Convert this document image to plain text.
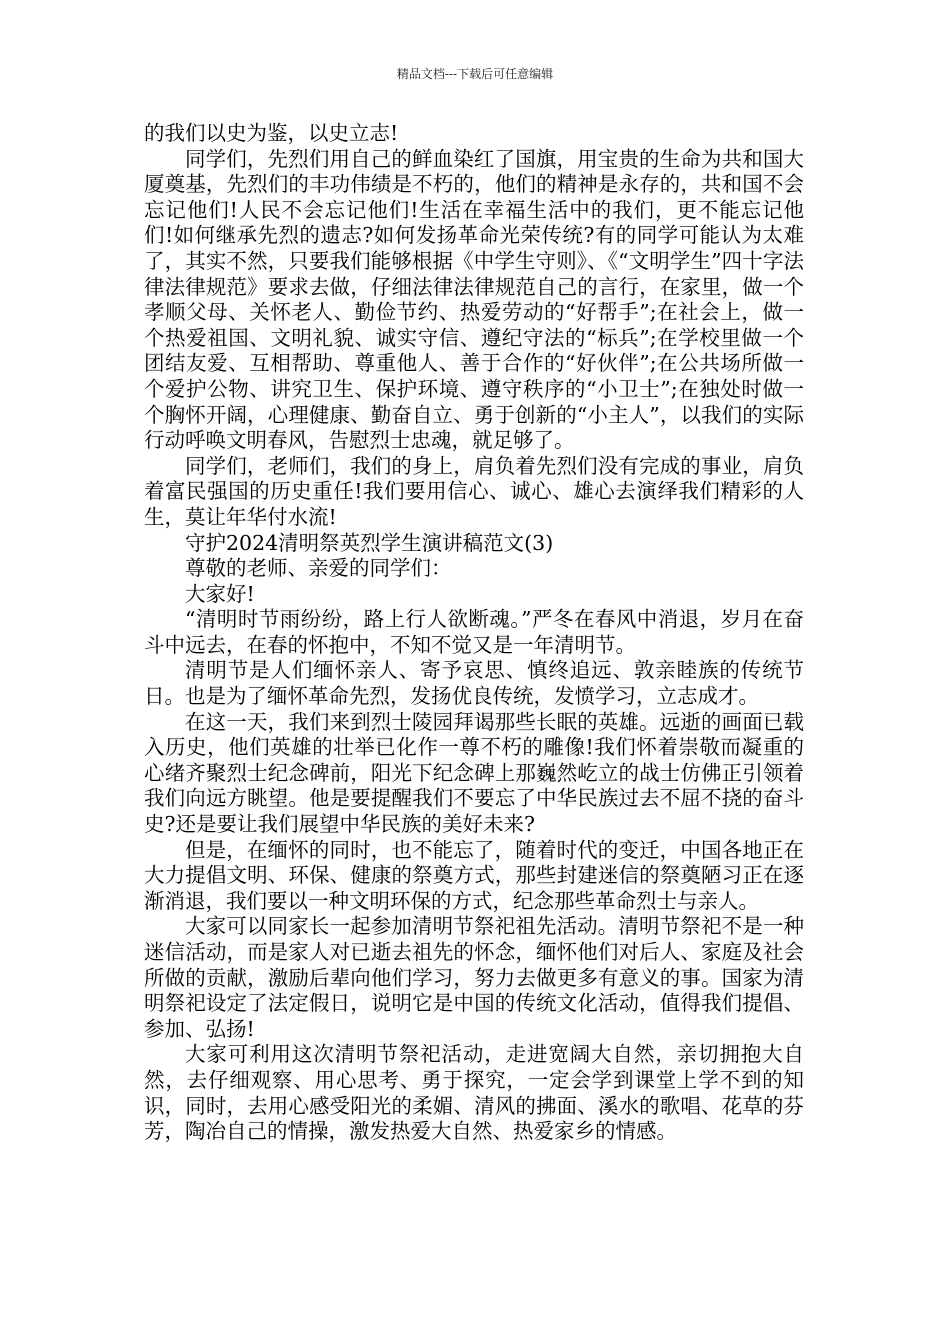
精品文档---下载后可任意编辑

的我们以史为鉴，以史立志!

同学们，先烈们用自己的鲜血染红了国旗，用宝贵的生命为共和国大厦奠基，先烈们的丰功伟绩是不朽的，他们的精神是永存的，共和国不会忘记他们!人民不会忘记他们!生活在幸福生活中的我们，更不能忘记他们!如何继承先烈的遗志?如何发扬革命光荣传统?有的同学可能认为太难了，其实不然，只要我们能够根据《中学生守则》、《“文明学生”四十字法律法律规范》要求去做，仔细法律法律规范自己的言行，在家里，做一个孝顺父母、关怀老人、勤俭节约、热爱劳动的“好帮手”;在社会上，做一个热爱祖国、文明礼貌、诚实守信、遵纪守法的“标兵”;在学校里做一个团结友爱、互相帮助、尊重他人、善于合作的“好伙伴”;在公共场所做一个爱护公物、讲究卫生、保护环境、遵守秩序的“小卫士”;在独处时做一个胸怀开阔，心理健康、勤奋自立、勇于创新的“小主人”，以我们的实际行动呼唤文明春风，告慰烈士忠魂，就足够了。

同学们，老师们，我们的身上，肩负着先烈们没有完成的事业，肩负着富民强国的历史重任!我们要用信心、诚心、雄心去演绎我们精彩的人生，莫让年华付水流!

守护2024清明祭英烈学生演讲稿范文(3)

尊敬的老师、亲爱的同学们：

大家好!

“清明时节雨纷纷，路上行人欲断魂。”严冬在春风中消退，岁月在奋斗中远去，在春的怀抱中，不知不觉又是一年清明节。

清明节是人们缅怀亲人、寄予哀思、慎终追远、敦亲睦族的传统节日。也是为了缅怀革命先烈，发扬优良传统，发愤学习，立志成才。

在这一天，我们来到烈士陵园拜谒那些长眠的英雄。远逝的画面已载入历史，他们英雄的壮举已化作一尊不朽的雕像!我们怀着崇敬而凝重的心绪齐聚烈士纪念碑前，阳光下纪念碑上那巍然屹立的战士仿佛正引领着我们向远方眺望。他是要提醒我们不要忘了中华民族过去不屈不挠的奋斗史?还是要让我们展望中华民族的美好未来?

但是，在缅怀的同时，也不能忘了，随着时代的变迁，中国各地正在大力提倡文明、环保、健康的祭奠方式，那些封建迷信的祭奠陋习正在逐渐消退，我们要以一种文明环保的方式，纪念那些革命烈士与亲人。

大家可以同家长一起参加清明节祭祀祖先活动。清明节祭祀不是一种迷信活动，而是家人对已逝去祖先的怀念，缅怀他们对后人、家庭及社会所做的贡献，激励后辈向他们学习，努力去做更多有意义的事。国家为清明祭祀设定了法定假日，说明它是中国的传统文化活动，值得我们提倡、参加、弘扬!

大家可利用这次清明节祭祀活动，走进宽阔大自然，亲切拥抱大自然，去仔细观察、用心思考、勇于探究，一定会学到课堂上学不到的知识，同时，去用心感受阳光的柔媚、清风的拂面、溪水的歌唱、花草的芬芳，陶冶自己的情操，激发热爱大自然、热爱家乡的情感。
